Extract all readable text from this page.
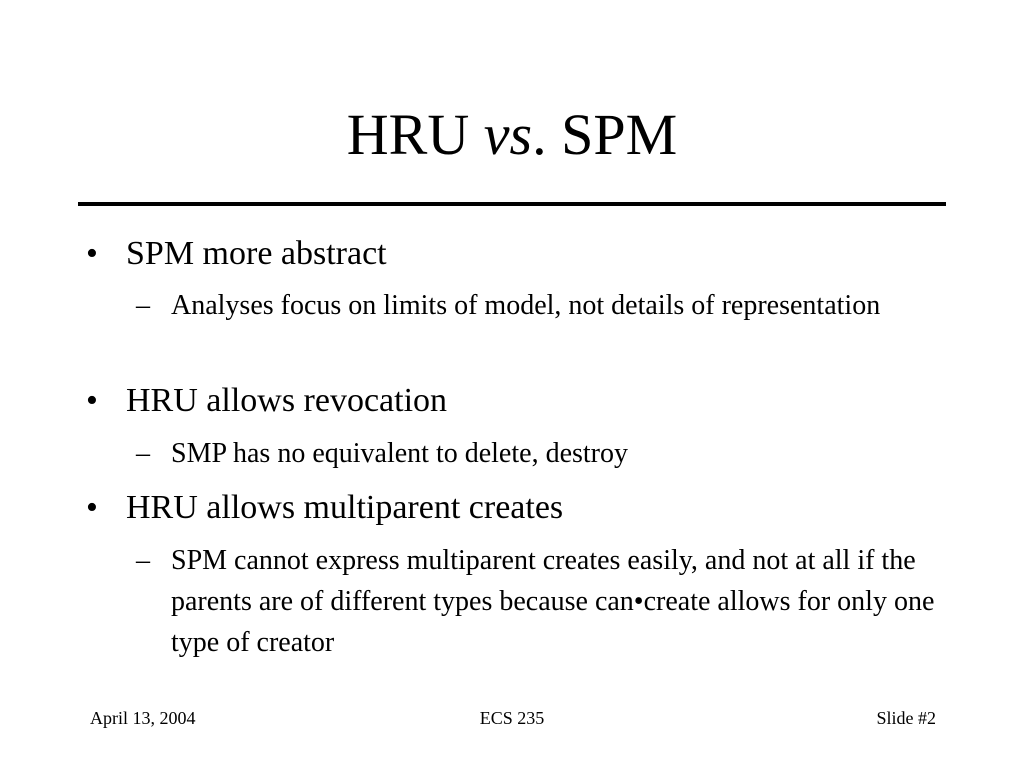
HRU vs. SPM
• SPM more abstract
– Analyses focus on limits of model, not details of representation
• HRU allows revocation
– SMP has no equivalent to delete, destroy
• HRU allows multiparent creates
– SPM cannot express multiparent creates easily, and not at all if the parents are of different types because can•create allows for only one type of creator
April 13, 2004	ECS 235	Slide #2
